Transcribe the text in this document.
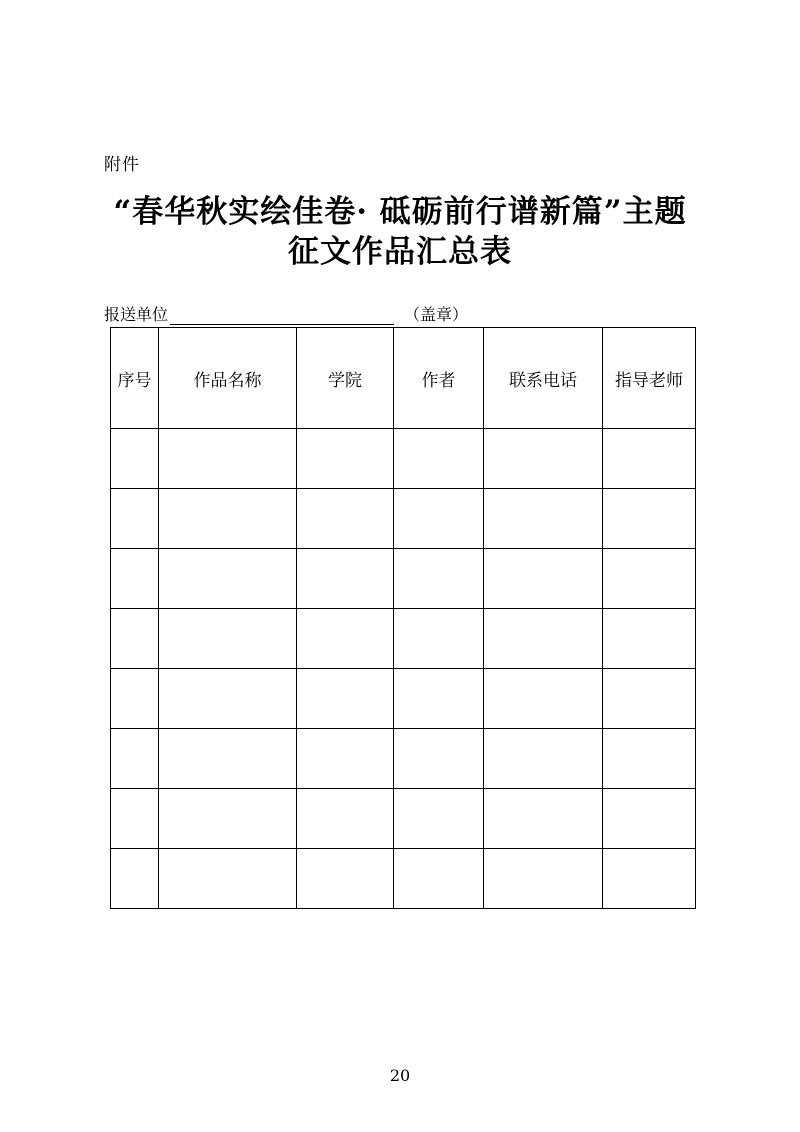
附件
“春华秋实绘佳卷· 砥砺前行谱新篇”主题
征文作品汇总表
报送单位	（盖章）
序号	作品名称	学院	作者	联系电话	指导老师

20
